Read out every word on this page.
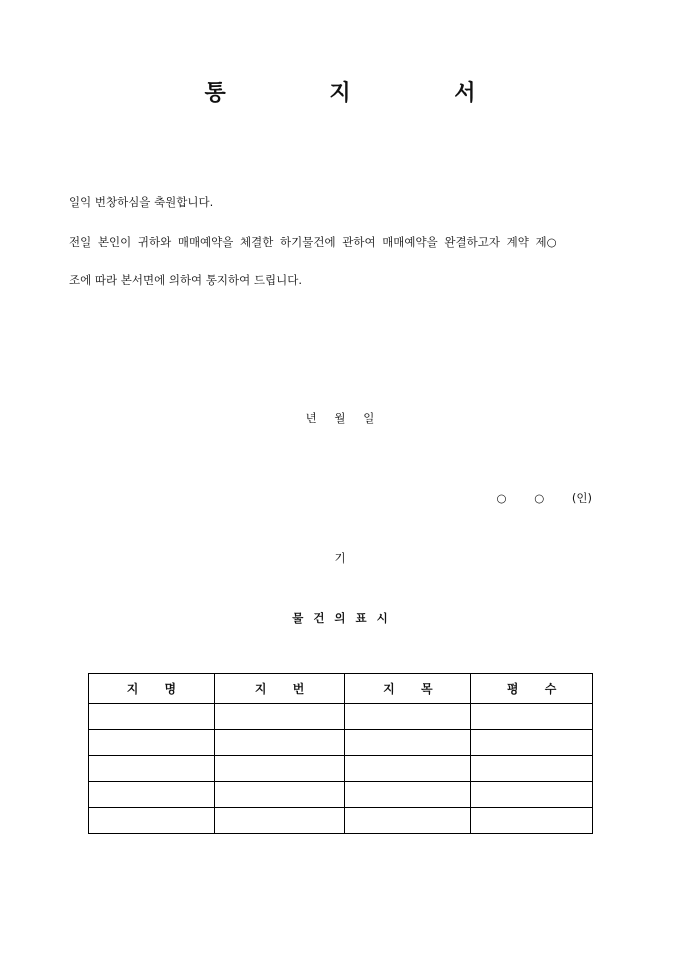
통 지 서
일익 번창하심을 축원합니다.
전일 본인이 귀하와 매매예약을 체결한 하기물건에 관하여 매매예약을 완결하고자 계약 제○
조에 따라 본서면에 의하여 통지하여 드립니다.
년 월 일
○ ○ (인)
기
물건의표시
지 명	지 번	지 목	평 수
